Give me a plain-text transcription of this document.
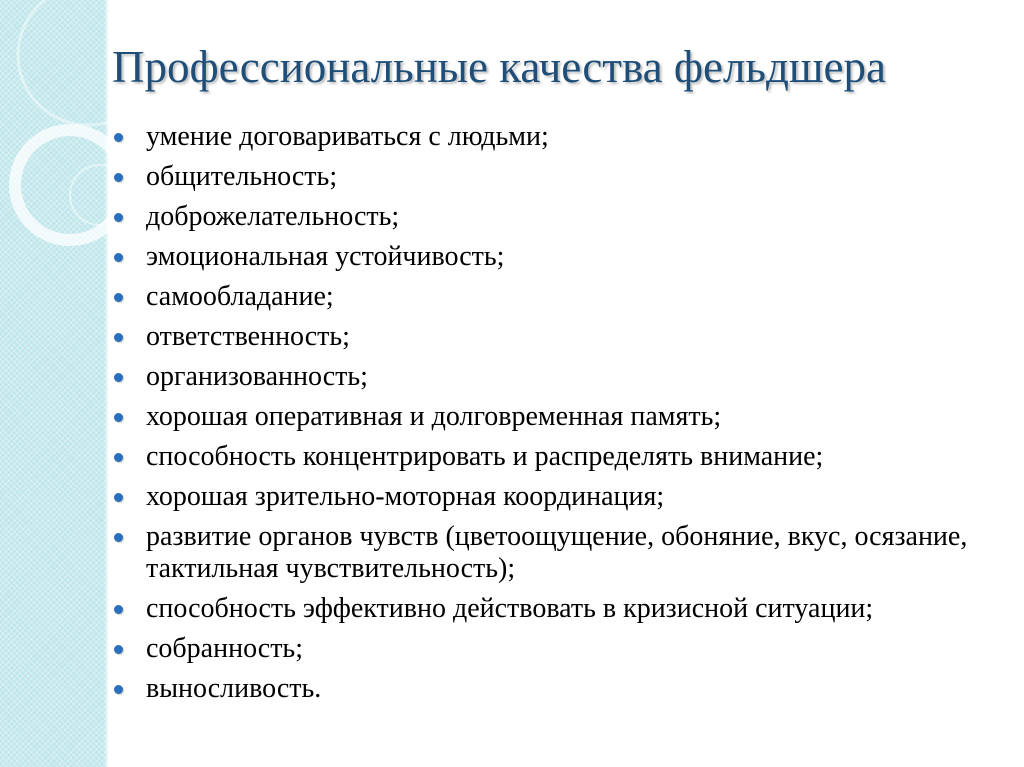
Профессиональные качества фельдшера
умение договариваться с людьми;
общительность;
доброжелательность;
эмоциональная устойчивость;
самообладание;
ответственность;
организованность;
хорошая оперативная и долговременная память;
способность концентрировать и распределять внимание;
хорошая зрительно-моторная координация;
развитие органов чувств (цветоощущение, обоняние, вкус, осязание, тактильная чувствительность);
способность эффективно действовать в кризисной ситуации;
собранность;
выносливость.
